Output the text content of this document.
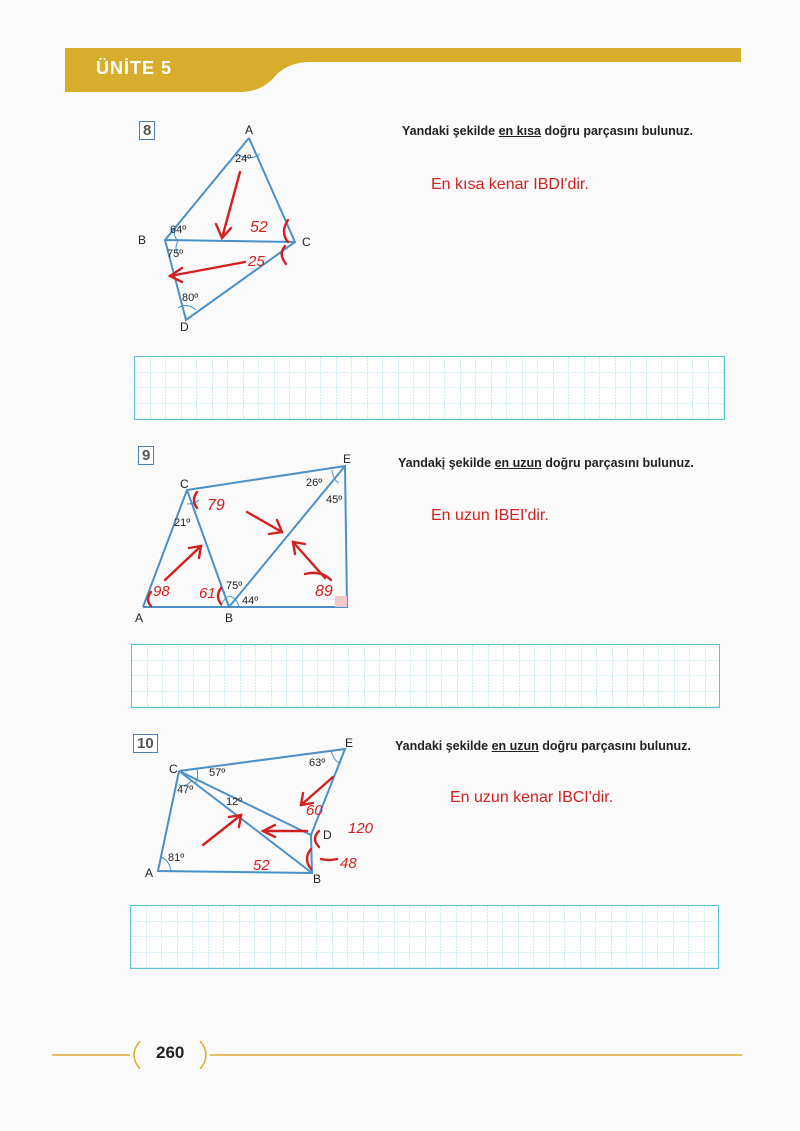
ÜNİTE 5
8	Yandaki şekilde en kısa doğru parçasını bulunuz.
En kısa kenar IBDI'dir.
A
B	C
D
24º
64º
75º
80º
52
25
9	Yandakį şekilde en uzun doğru parçasını bulunuz.
En uzun IBEI'dir.
A	B
C
E
26º
45º
21º
75º
44º
79
98 61	89
10	Yandaki şekilde en uzun doğru parçasını bulunuz.
En uzun kenar IBCI'dir.
C
E
A	B
D
57º
47º
12º
63º
81º
60
120
52	48
260
